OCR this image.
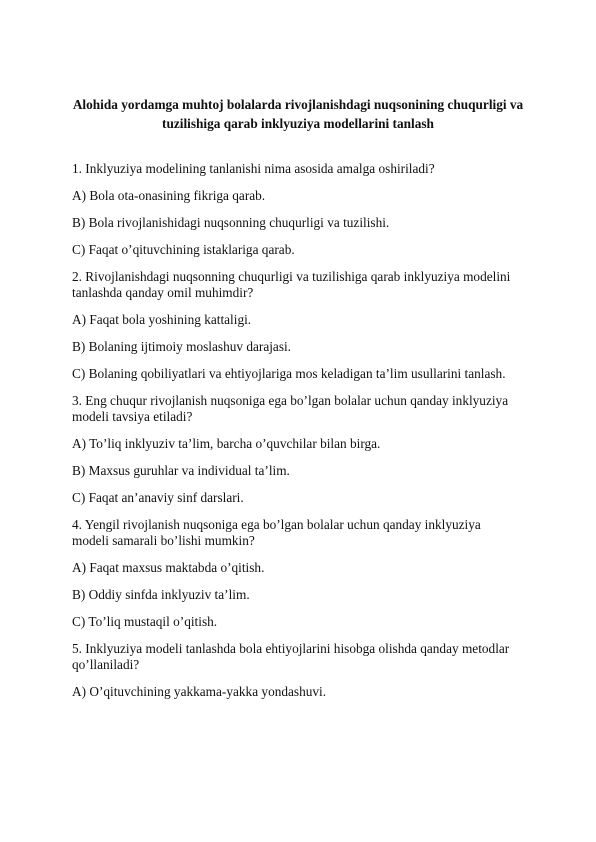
Alohida yordamga muhtoj bolalarda rivojlanishdagi nuqsonining chuqurligi va tuzilishiga qarab inklyuziya modellarini tanlash

1. Inklyuziya modelining tanlanishi nima asosida amalga oshiriladi?

A) Bola ota-onasining fikriga qarab.

B) Bola rivojlanishidagi nuqsonning chuqurligi va tuzilishi.

C) Faqat o’qituvchining istaklariga qarab.

2. Rivojlanishdagi nuqsonning chuqurligi va tuzilishiga qarab inklyuziya modelini tanlashda qanday omil muhimdir?

A) Faqat bola yoshining kattaligi.

B) Bolaning ijtimoiy moslashuv darajasi.

C) Bolaning qobiliyatlari va ehtiyojlariga mos keladigan ta’lim usullarini tanlash.

3. Eng chuqur rivojlanish nuqsoniga ega bo’lgan bolalar uchun qanday inklyuziya modeli tavsiya etiladi?

A) To’liq inklyuziv ta’lim, barcha o’quvchilar bilan birga.

B) Maxsus guruhlar va individual ta’lim.

C) Faqat an’anaviy sinf darslari.

4. Yengil rivojlanish nuqsoniga ega bo’lgan bolalar uchun qanday inklyuziya modeli samarali bo’lishi mumkin?

A) Faqat maxsus maktabda o’qitish.

B) Oddiy sinfda inklyuziv ta’lim.

C) To’liq mustaqil o’qitish.

5. Inklyuziya modeli tanlashda bola ehtiyojlarini hisobga olishda qanday metodlar qo’llaniladi?

A) O’qituvchining yakkama-yakka yondashuvi.
